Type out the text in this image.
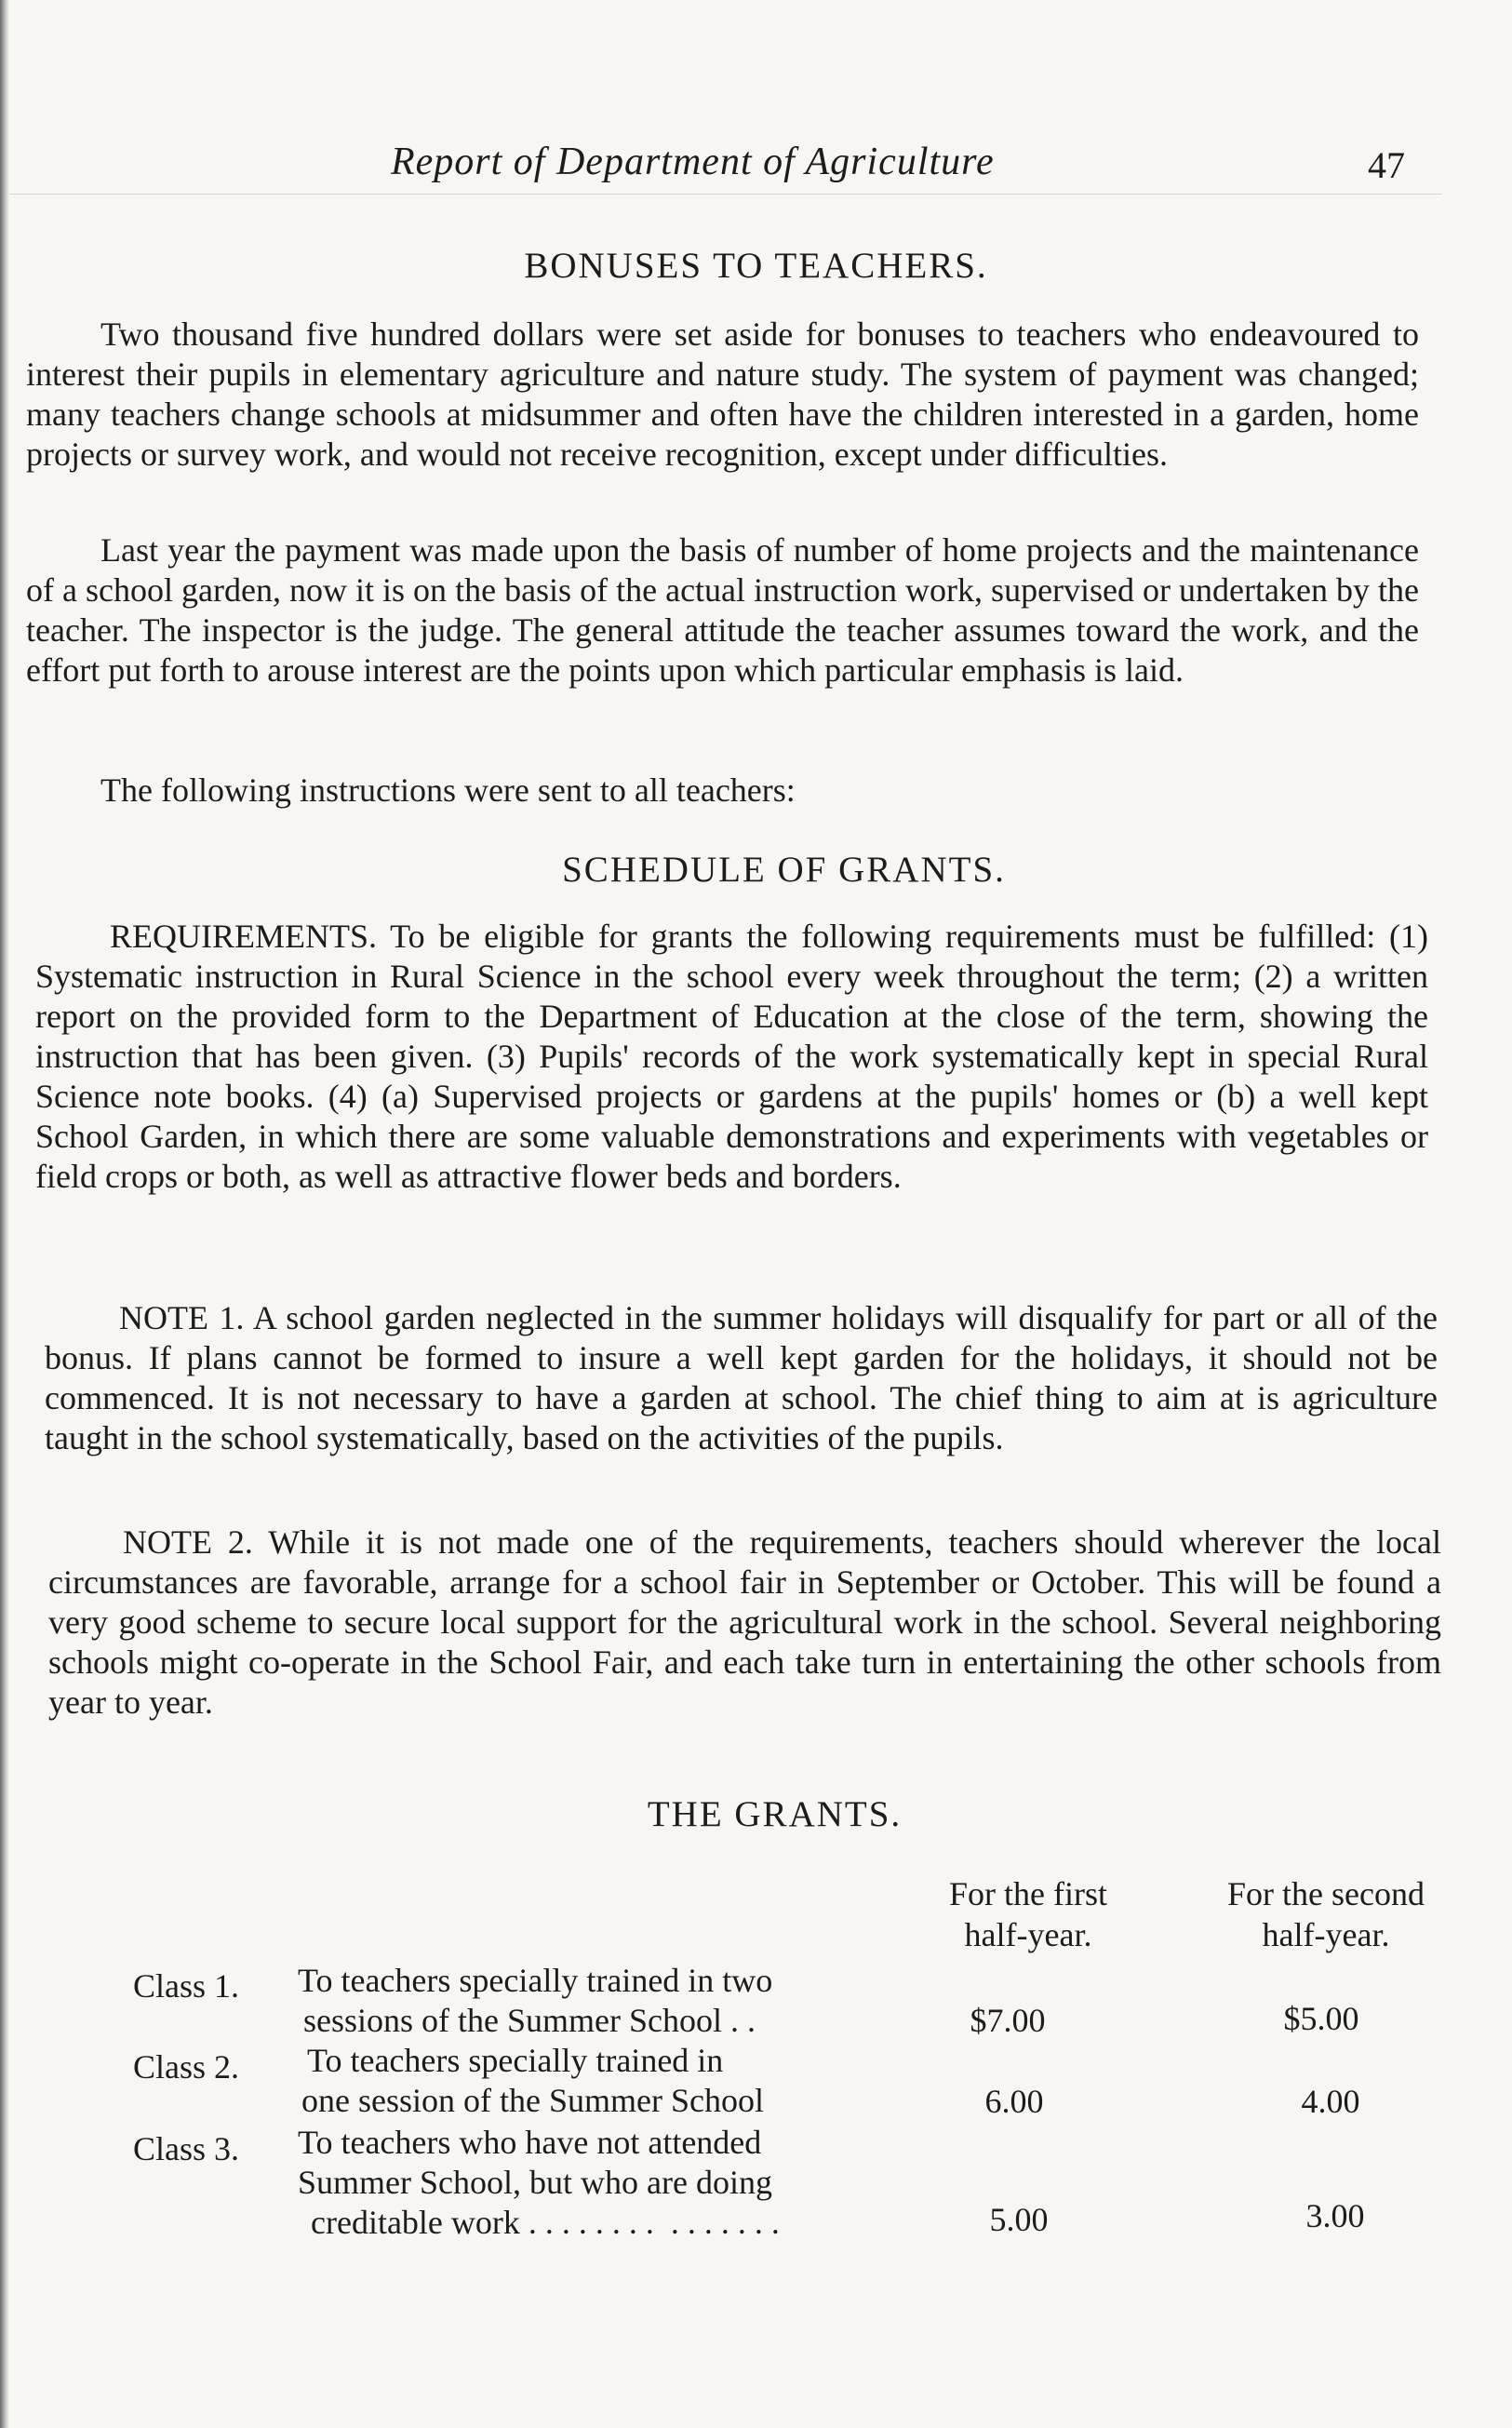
Report of Department of Agriculture	47
BONUSES TO TEACHERS.

Two thousand five hundred dollars were set aside for bonuses to teachers who endeavoured to interest their pupils in elementary agriculture and nature study. The system of payment was changed; many teachers change schools at midsummer and often have the children interested in a garden, home projects or survey work, and would not receive recognition, except under difficulties.

Last year the payment was made upon the basis of number of home projects and the maintenance of a school garden, now it is on the basis of the actual instruction work, supervised or undertaken by the teacher. The inspector is the judge. The general attitude the teacher assumes toward the work, and the effort put forth to arouse interest are the points upon which particular emphasis is laid.

The following instructions were sent to all teachers:

SCHEDULE OF GRANTS.

REQUIREMENTS. To be eligible for grants the following requirements must be fulfilled: (1) Systematic instruction in Rural Science in the school every week throughout the term; (2) a written report on the provided form to the Department of Education at the close of the term, showing the instruction that has been given. (3) Pupils' records of the work systematically kept in special Rural Science note books. (4) (a) Supervised projects or gardens at the pupils' homes or (b) a well kept School Garden, in which there are some valuable demonstrations and experiments with vegetables or field crops or both, as well as attractive flower beds and borders.

NOTE 1. A school garden neglected in the summer holidays will disqualify for part or all of the bonus. If plans cannot be formed to insure a well kept garden for the holidays, it should not be commenced. It is not necessary to have a garden at school. The chief thing to aim at is agriculture taught in the school systematically, based on the activities of the pupils.

NOTE 2. While it is not made one of the requirements, teachers should wherever the local circumstances are favorable, arrange for a school fair in September or October. This will be found a very good scheme to secure local support for the agricultural work in the school. Several neighboring schools might co-operate in the School Fair, and each take turn in entertaining the other schools from year to year.

THE GRANTS.
For the first
half-year.
For the second
half-year.
Class 1. To teachers specially trained in two
sessions of the Summer School . .	$7.00	$5.00
Class 2. To teachers specially trained in
one session of the Summer School	6.00	4.00
Class 3. To teachers who have not attended
Summer School, but who are doing
creditable work . . . . . . . .  . . . . . . .	5.00	3.00
